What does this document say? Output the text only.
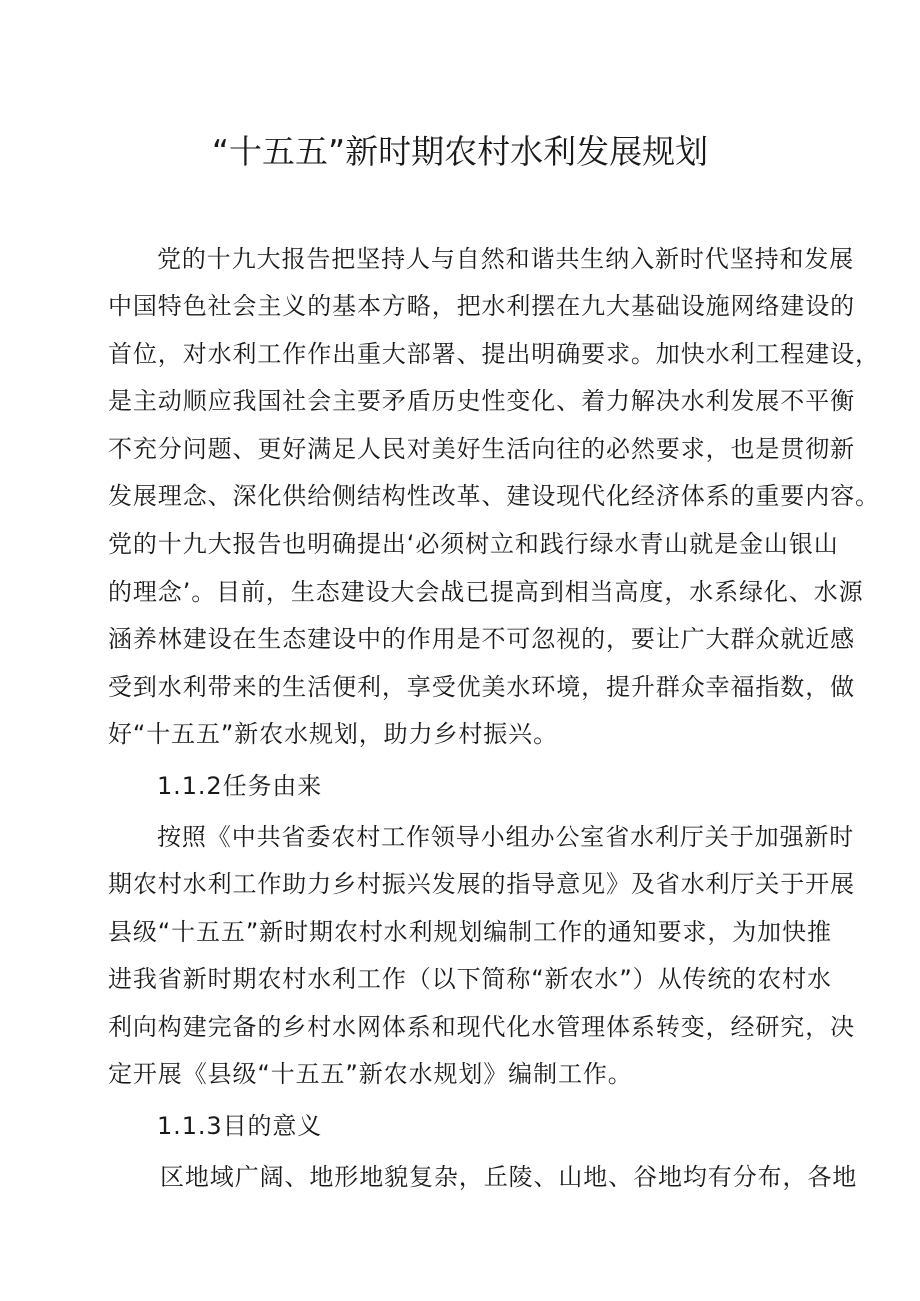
“十五五”新时期农村水利发展规划

党的十九大报告把坚持人与自然和谐共生纳入新时代坚持和发展

中国特色社会主义的基本方略，把水利摆在九大基础设施网络建设的

首位，对水利工作作出重大部署、提出明确要求。加快水利工程建设，

是主动顺应我国社会主要矛盾历史性变化、着力解决水利发展不平衡

不充分问题、更好满足人民对美好生活向往的必然要求，也是贯彻新

发展理念、深化供给侧结构性改革、建设现代化经济体系的重要内容。

党的十九大报告也明确提出‘必须树立和践行绿水青山就是金山银山

的理念’。目前，生态建设大会战已提高到相当高度，水系绿化、水源

涵养林建设在生态建设中的作用是不可忽视的，要让广大群众就近感

受到水利带来的生活便利，享受优美水环境，提升群众幸福指数，做

好“十五五”新农水规划，助力乡村振兴。

1.1.2任务由来

按照《中共省委农村工作领导小组办公室省水利厅关于加强新时

期农村水利工作助力乡村振兴发展的指导意见》及省水利厅关于开展

县级“十五五”新时期农村水利规划编制工作的通知要求，为加快推

进我省新时期农村水利工作（以下简称“新农水”）从传统的农村水

利向构建完备的乡村水网体系和现代化水管理体系转变，经研究，决

定开展《县级“十五五”新农水规划》编制工作。

1.1.3目的意义

区地域广阔、地形地貌复杂，丘陵、山地、谷地均有分布，各地
